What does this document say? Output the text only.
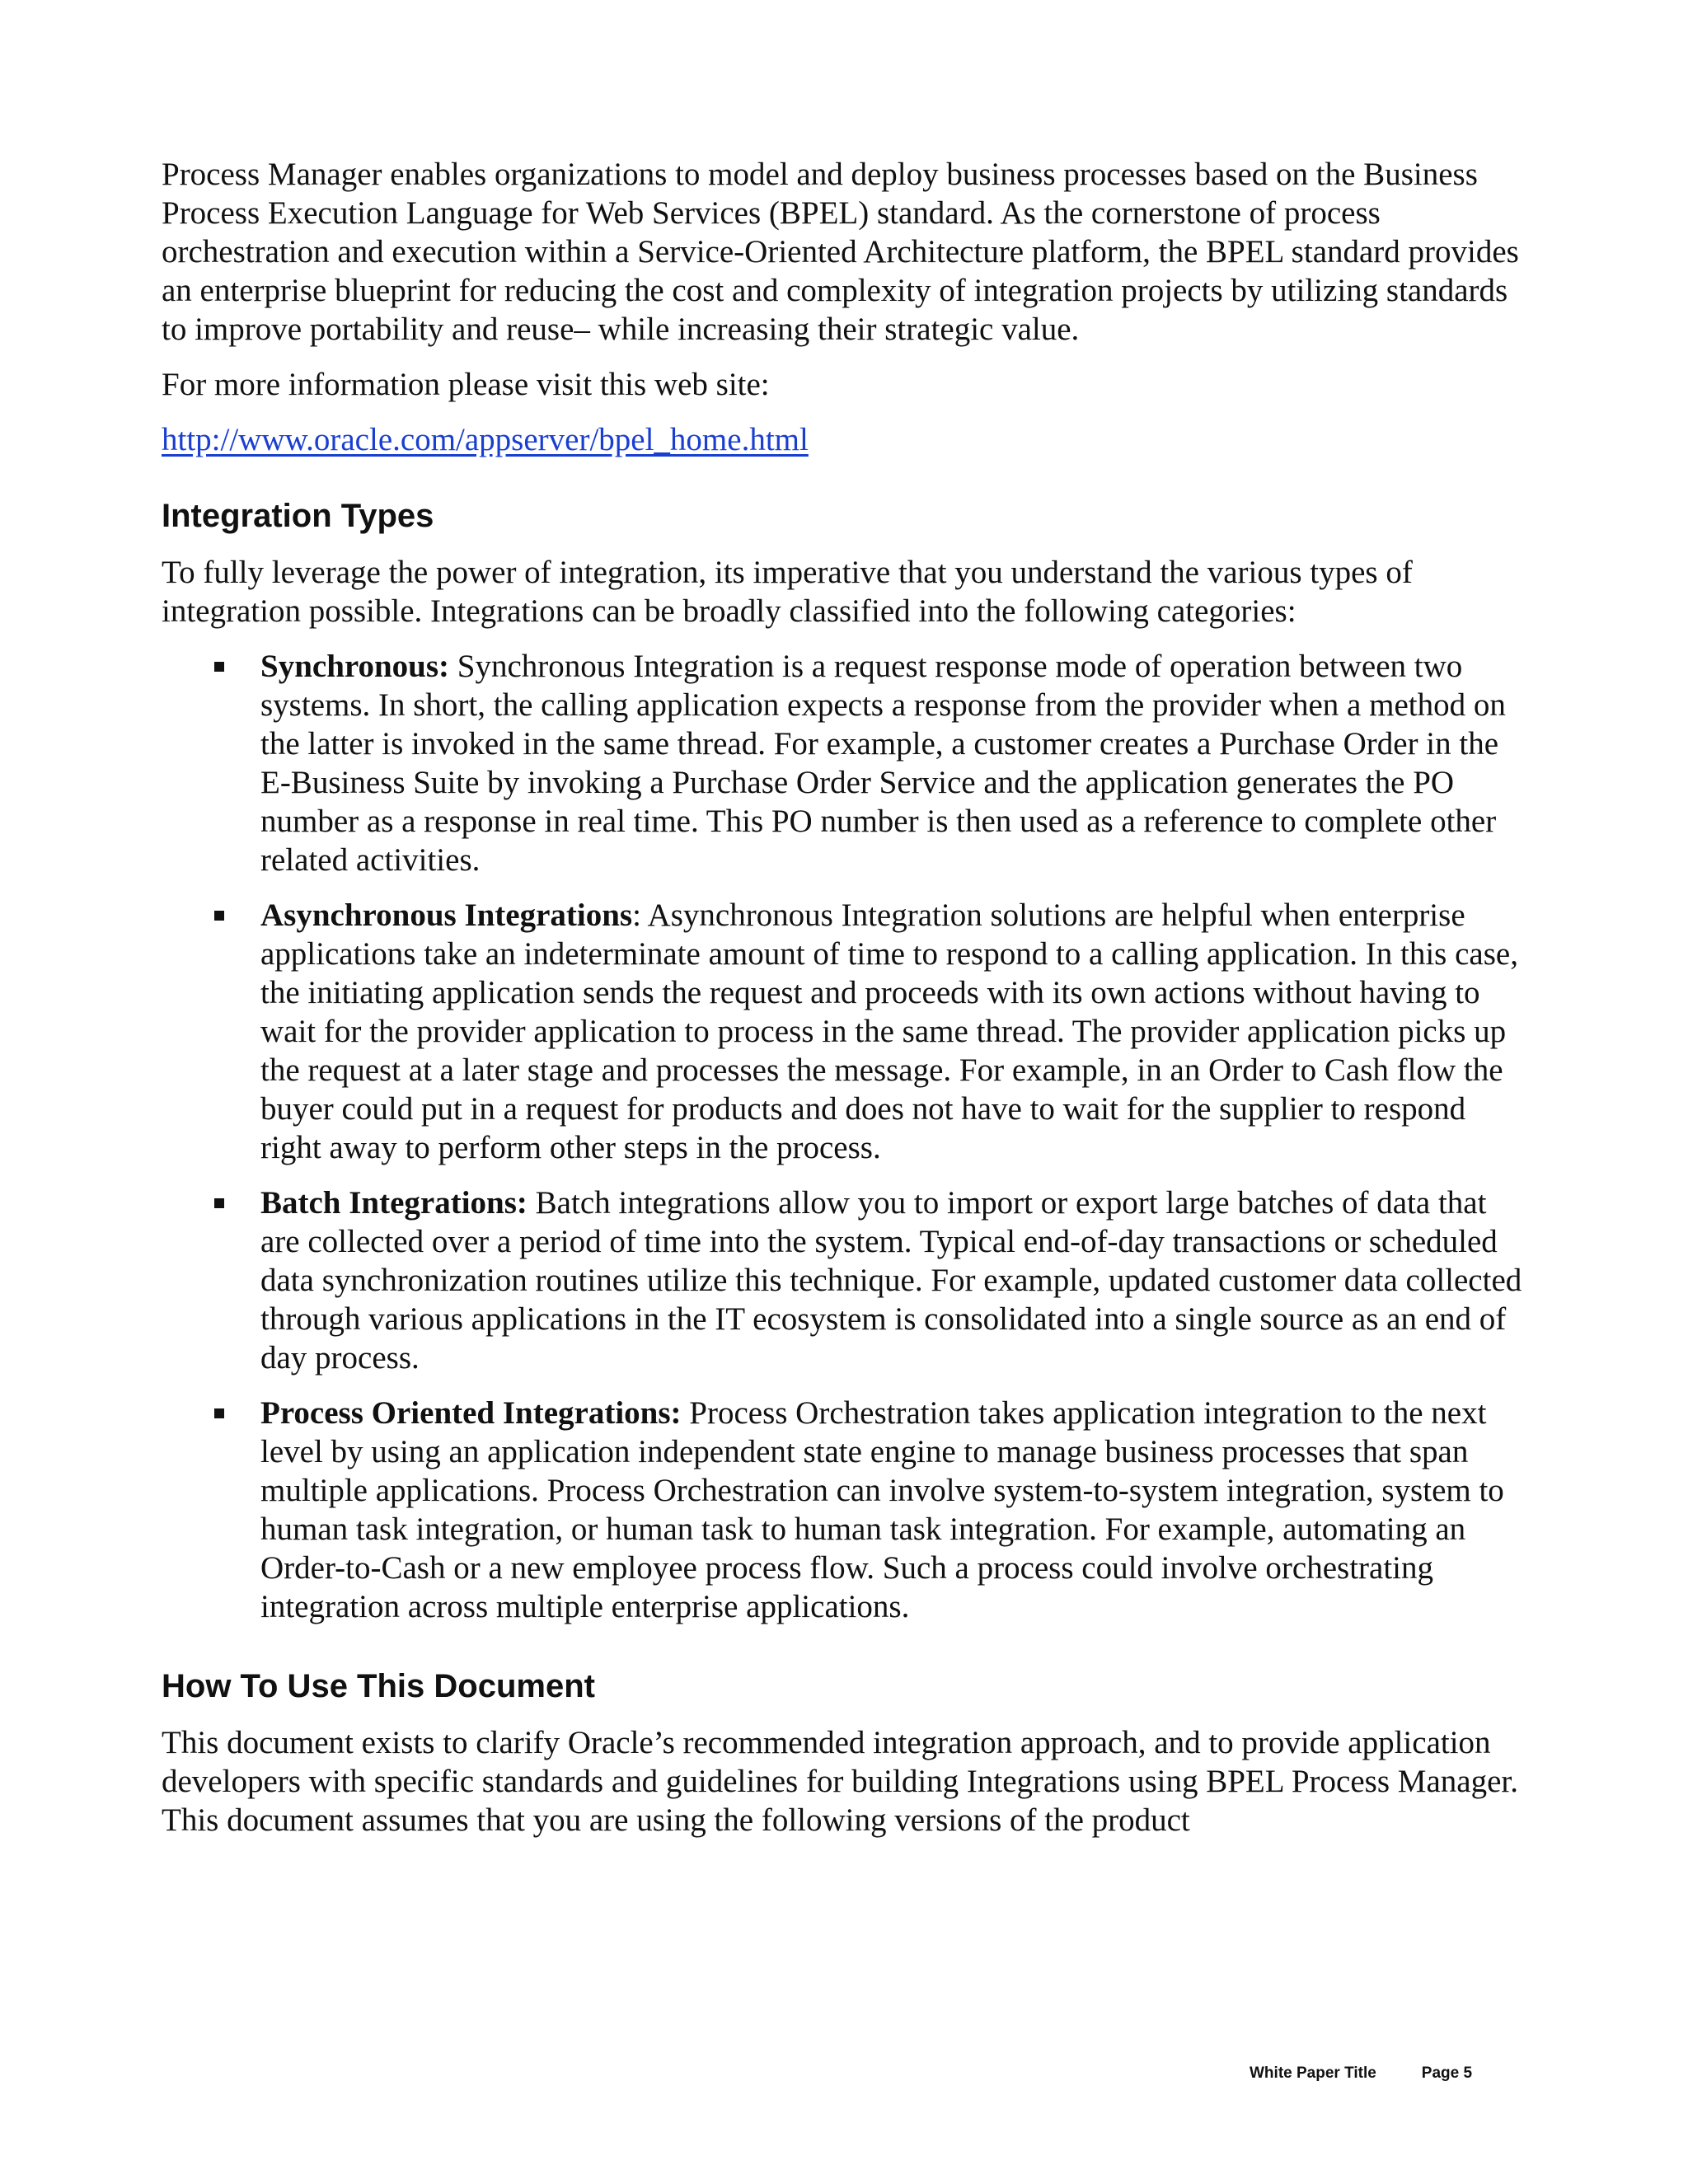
Process Manager enables organizations to model and deploy business processes based on the Business Process Execution Language for Web Services (BPEL) standard. As the cornerstone of process orchestration and execution within a Service-Oriented Architecture platform, the BPEL standard provides an enterprise blueprint for reducing the cost and complexity of integration projects by utilizing standards to improve portability and reuse– while increasing their strategic value.

For more information please visit this web site:

http://www.oracle.com/appserver/bpel_home.html

Integration Types

To fully leverage the power of integration, its imperative that you understand the various types of integration possible. Integrations can be broadly classified into the following categories:

Synchronous: Synchronous Integration is a request response mode of operation between two systems. In short, the calling application expects a response from the provider when a method on the latter is invoked in the same thread. For example, a customer creates a Purchase Order in the E-Business Suite by invoking a Purchase Order Service and the application generates the PO number as a response in real time. This PO number is then used as a reference to complete other related activities.
Asynchronous Integrations: Asynchronous Integration solutions are helpful when enterprise applications take an indeterminate amount of time to respond to a calling application. In this case, the initiating application sends the request and proceeds with its own actions without having to wait for the provider application to process in the same thread. The provider application picks up the request at a later stage and processes the message. For example, in an Order to Cash flow the buyer could put in a request for products and does not have to wait for the supplier to respond right away to perform other steps in the process.
Batch Integrations: Batch integrations allow you to import or export large batches of data that are collected over a period of time into the system. Typical end-of-day transactions or scheduled data synchronization routines utilize this technique. For example, updated customer data collected through various applications in the IT ecosystem is consolidated into a single source as an end of day process.
Process Oriented Integrations: Process Orchestration takes application integration to the next level by using an application independent state engine to manage business processes that span multiple applications. Process Orchestration can involve system-to-system integration, system to human task integration, or human task to human task integration. For example, automating an Order-to-Cash or a new employee process flow. Such a process could involve orchestrating integration across multiple enterprise applications.
How To Use This Document

This document exists to clarify Oracle’s recommended integration approach, and to provide application developers with specific standards and guidelines for building Integrations using BPEL Process Manager. This document assumes that you are using the following versions of the product

White Paper Title	Page 5
